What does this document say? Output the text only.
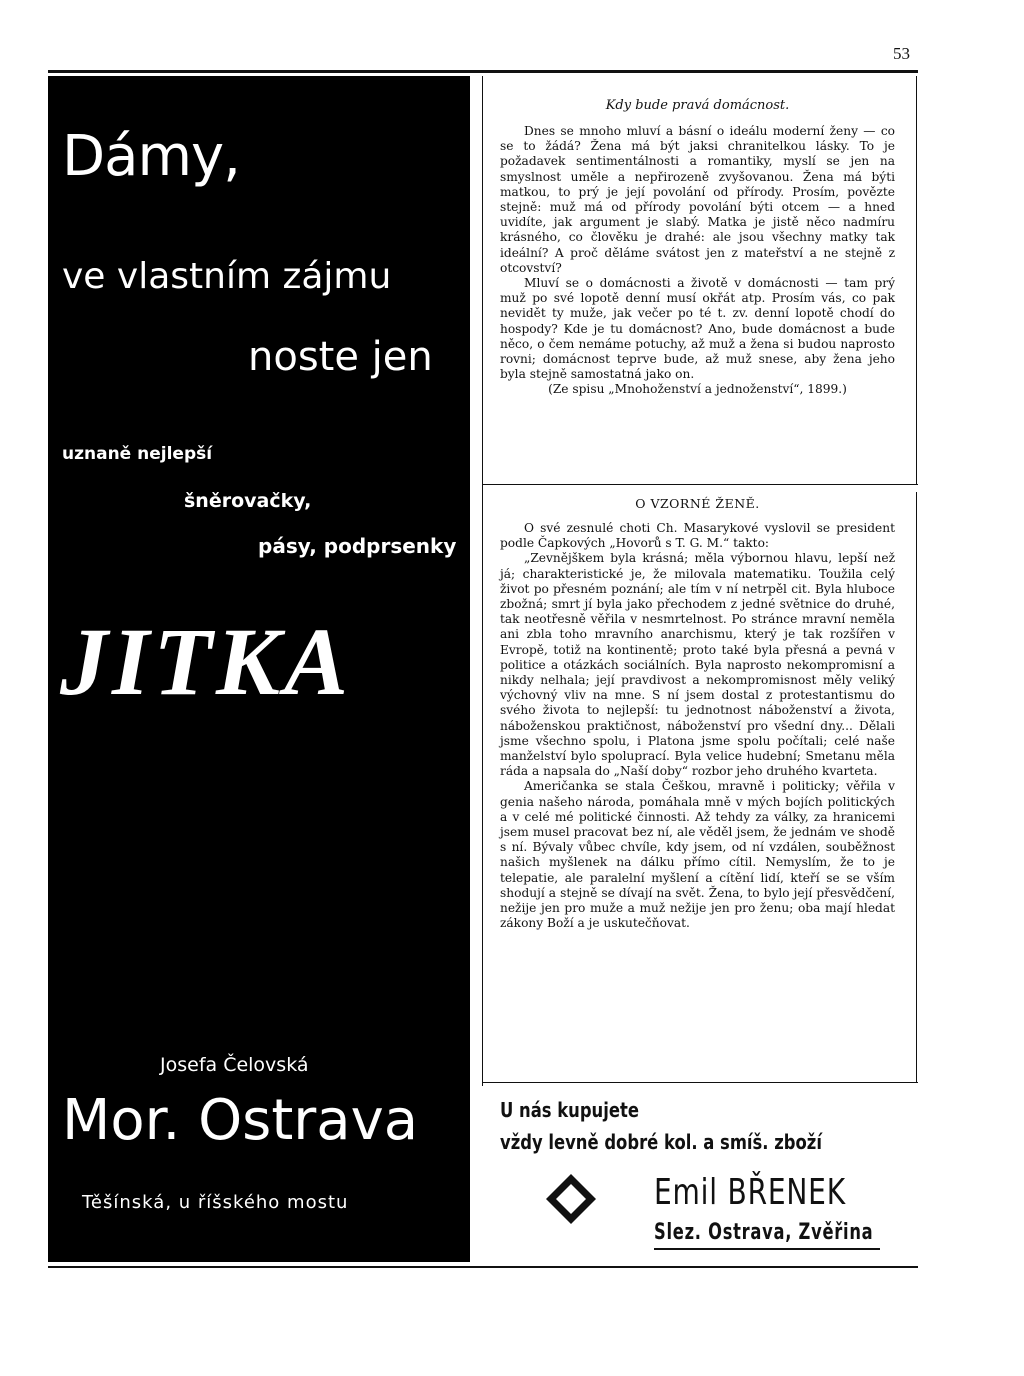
53
Dámy,
ve vlastním zájmu
noste jen
uznaně nejlepší
šněrovačky,
pásy, podprsenky
JITKA
Josefa Čelovská
Mor. Ostrava
Těšínská, u říšského mostu
Kdy bude pravá domácnost.

Dnes se mnoho mluví a básní o ideálu moderní ženy — co se to žádá? Žena má být jaksi chranitelkou lásky. To je požadavek sentimentálnosti a romantiky, myslí se jen na smyslnost uměle a nepřirozeně zvyšovanou. Žena má býti matkou, to prý je její povolání od přírody. Prosím, povězte stejně: muž má od přírody povolání býti otcem — a hned uvidíte, jak argument je slabý. Matka je jistě něco nadmíru krásného, co člověku je drahé: ale jsou všechny matky tak ideální? A proč děláme svátost jen z mateřství a ne stejně z otcovství?

Mluví se o domácnosti a životě v domácnosti — tam prý muž po své lopotě denní musí okřát atp. Prosím vás, co pak nevidět ty muže, jak večer po té t. zv. denní lopotě chodí do hospody? Kde je tu domácnost? Ano, bude domácnost a bude něco, o čem nemáme potuchy, až muž a žena si budou naprosto rovni; domácnost teprve bude, až muž snese, aby žena jeho byla stejně samostatná jako on.

(Ze spisu „Mnohoženství a jednoženství“, 1899.)

O VZORNÉ ŽENĚ.

O své zesnulé choti Ch. Masarykové vyslovil se president podle Čapkových „Hovorů s T. G. M.“ takto:

„Zevnějškem byla krásná; měla výbornou hlavu, lepší než já; charakteristické je, že milovala matematiku. Toužila celý život po přesném poznání; ale tím v ní netrpěl cit. Byla hluboce zbožná; smrt jí byla jako přechodem z jedné světnice do druhé, tak neotřesně věřila v nesmrtelnost. Po stránce mravní neměla ani zbla toho mravního anarchismu, který je tak rozšířen v Evropě, totiž na kontinentě; proto také byla přesná a pevná v politice a otázkách sociálních. Byla naprosto nekompromisní a nikdy nelhala; její pravdivost a nekompromisnost měly veliký výchovný vliv na mne. S ní jsem dostal z protestantismu do svého života to nejlepší: tu jednotnost náboženství a života, náboženskou praktičnost, náboženství pro všední dny... Dělali jsme všechno spolu, i Platona jsme spolu počítali; celé naše manželství bylo spoluprací. Byla velice hudební; Smetanu měla ráda a napsala do „Naší doby“ rozbor jeho druhého kvarteta.

Američanka se stala Češkou, mravně i politicky; věřila v genia našeho národa, pomáhala mně v mých bojích politických a v celé mé politické činnosti. Až tehdy za války, za hranicemi jsem musel pracovat bez ní, ale věděl jsem, že jednám ve shodě s ní. Bývaly vůbec chvíle, kdy jsem, od ní vzdálen, souběžnost našich myšlenek na dálku přímo cítil. Nemyslím, že to je telepatie, ale paralelní myšlení a cítění lidí, kteří se se vším shodují a stejně se dívají na svět. Žena, to bylo její přesvědčení, nežije jen pro muže a muž nežije jen pro ženu; oba mají hledat zákony Boží a je uskutečňovat.

U nás kupujete
vždy levně dobré kol. a smíš. zboží
Emil BŘENEK
Slez. Ostrava, Zvěřina
